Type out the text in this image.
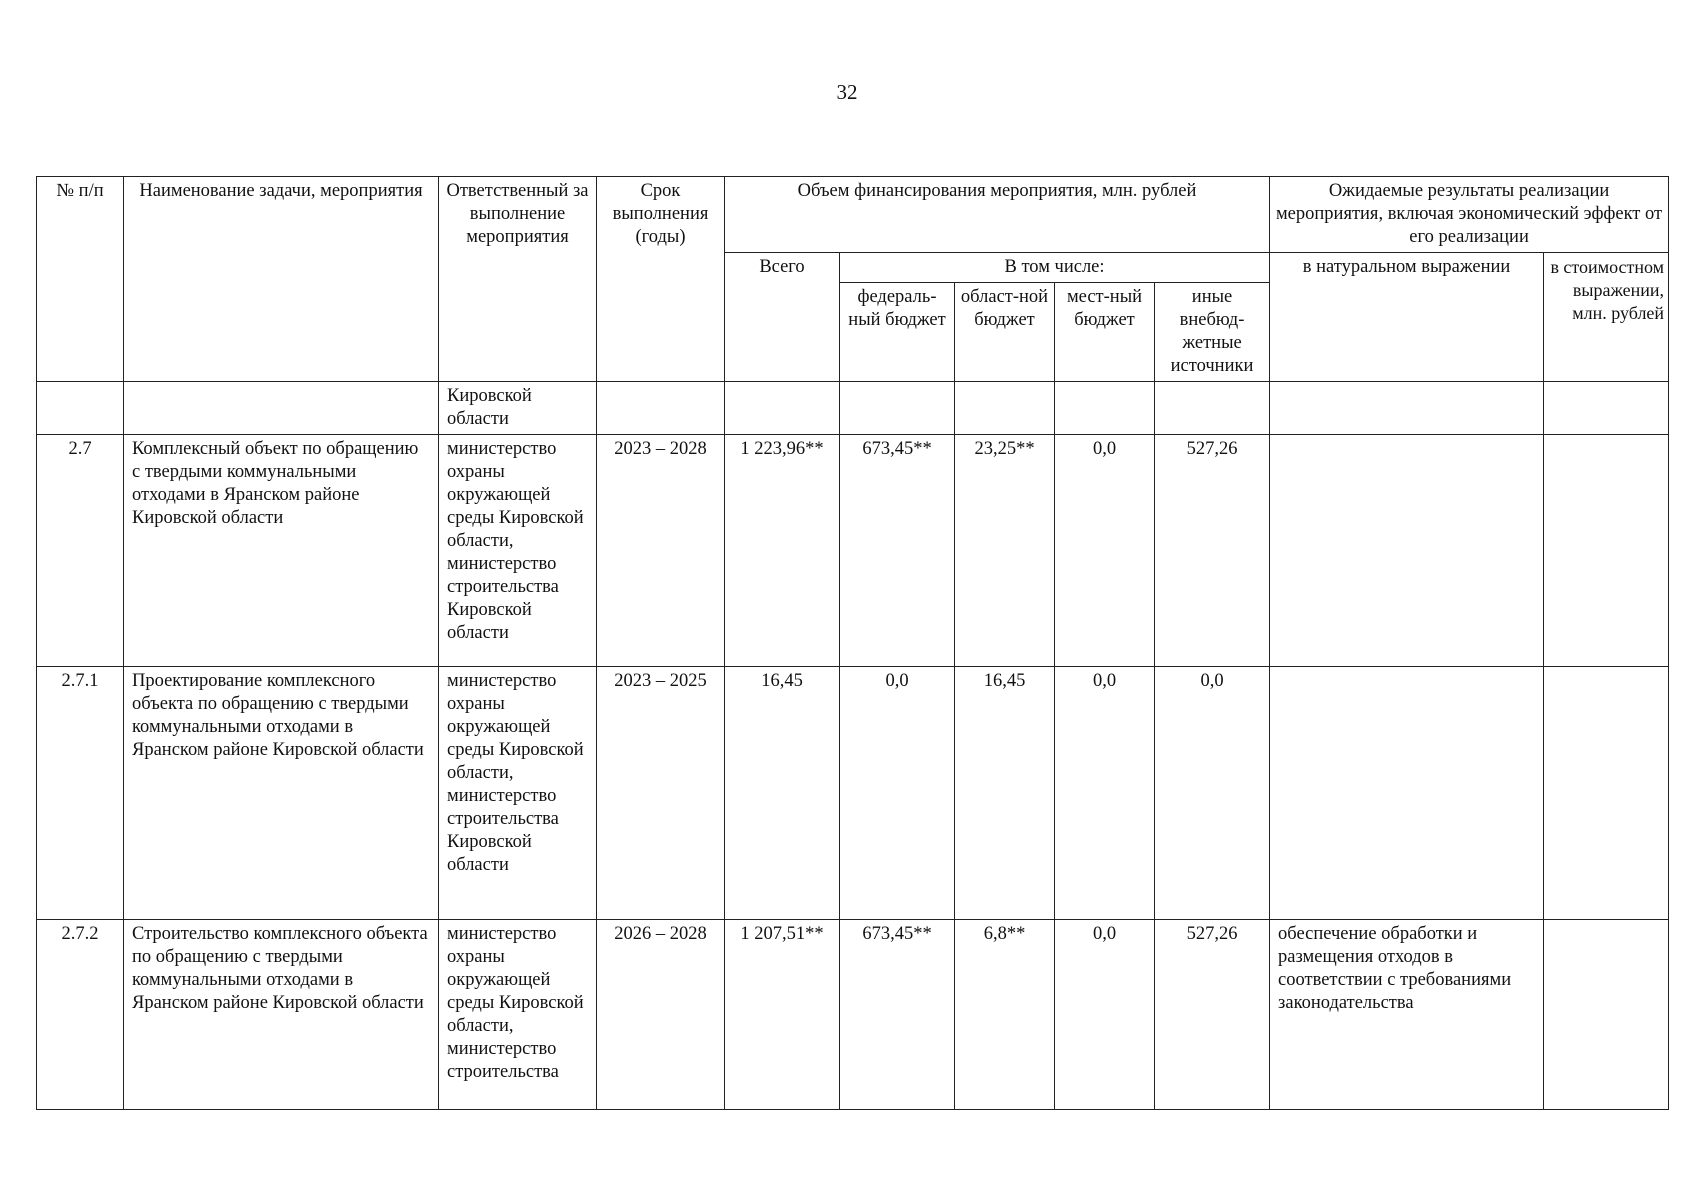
32
№ п/п	Наименование задачи, мероприятия	Ответственный за выполнение мероприятия	Срок выполнения (годы)	Объем финансирования мероприятия, млн. рублей					Ожидаемые результаты реализации мероприятия, включая экономический эффект от его реализации	
				Всего	В том числе:				в натуральном выражении	в стоимостном выражении, млн. рублей
					федераль-ный бюджет	област-ной бюджет	мест-ный бюджет	иные внебюд-жетные источники		
		Кировской области								
2.7	Комплексный объект по обращению с твердыми коммунальными отходами в Яранском районе Кировской области	министерство охраны окружающей среды Кировской области, министерство строительства Кировской области	2023 – 2028	1 223,96**	673,45**	23,25**	0,0	527,26		
2.7.1	Проектирование комплексного объекта по обращению с твердыми коммунальными отходами в Яранском районе Кировской области	министерство охраны окружающей среды Кировской области, министерство строительства Кировской области	2023 – 2025	16,45	0,0	16,45	0,0	0,0		
2.7.2	Строительство комплексного объекта по обращению с твердыми коммунальными отходами в Яранском районе Кировской области	министерство охраны окружающей среды Кировской области, министерство строительства	2026 – 2028	1 207,51**	673,45**	6,8**	0,0	527,26	обеспечение обработки и размещения отходов в соответствии с требованиями законодательства	
